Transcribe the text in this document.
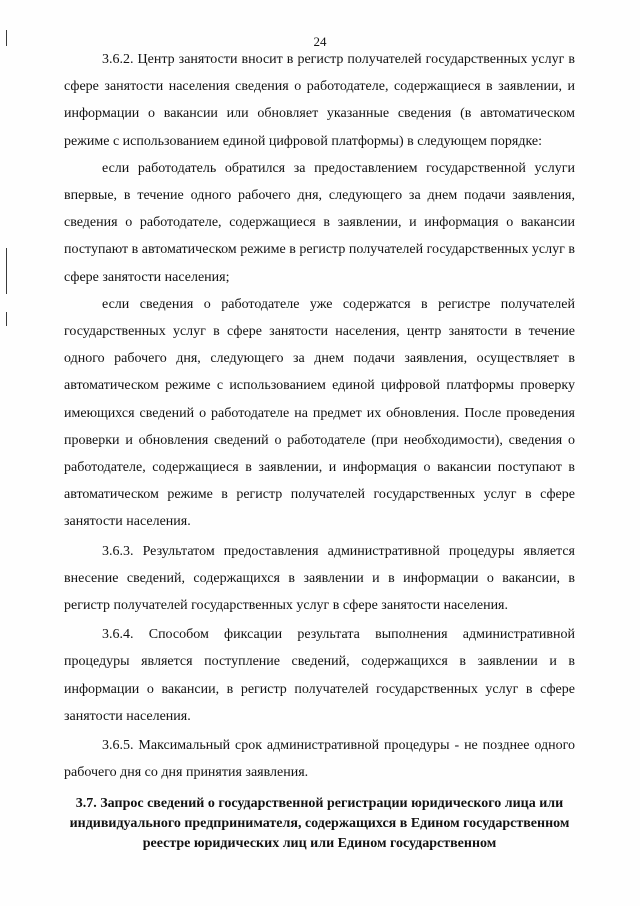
24

3.6.2. Центр занятости вносит в регистр получателей государственных услуг в сфере занятости населения сведения о работодателе, содержащиеся в заявлении, и информации о вакансии или обновляет указанные сведения (в автоматическом режиме с использованием единой цифровой платформы) в следующем порядке:

если работодатель обратился за предоставлением государственной услуги впервые, в течение одного рабочего дня, следующего за днем подачи заявления, сведения о работодателе, содержащиеся в заявлении, и информация о вакансии поступают в автоматическом режиме в регистр получателей государственных услуг в сфере занятости населения;

если сведения о работодателе уже содержатся в регистре получателей государственных услуг в сфере занятости населения, центр занятости в течение одного рабочего дня, следующего за днем подачи заявления, осуществляет в автоматическом режиме с использованием единой цифровой платформы проверку имеющихся сведений о работодателе на предмет их обновления. После проведения проверки и обновления сведений о работодателе (при необходимости), сведения о работодателе, содержащиеся в заявлении, и информация о вакансии поступают в автоматическом режиме в регистр получателей государственных услуг в сфере занятости населения.

3.6.3. Результатом предоставления административной процедуры является внесение сведений, содержащихся в заявлении и в информации о вакансии, в регистр получателей государственных услуг в сфере занятости населения.

3.6.4. Способом фиксации результата выполнения административной процедуры является поступление сведений, содержащихся в заявлении и в информации о вакансии, в регистр получателей государственных услуг в сфере занятости населения.

3.6.5. Максимальный срок административной процедуры - не позднее одного рабочего дня со дня принятия заявления.

3.7. Запрос сведений о государственной регистрации юридического лица или индивидуального предпринимателя, содержащихся в Едином государственном реестре юридических лиц или Едином государственном
